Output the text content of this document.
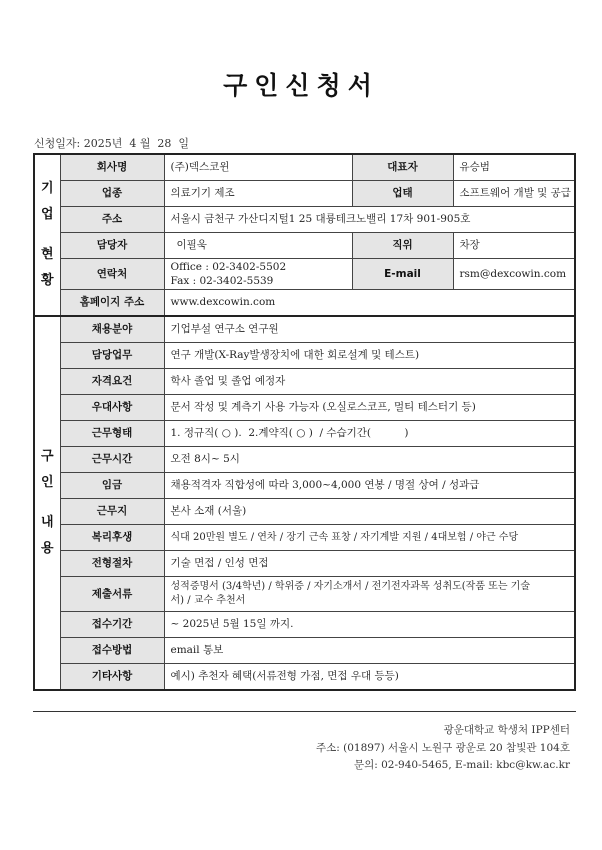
구인신청서
신청일자: 2025년  4 월  28  일
기
업
현
황	회사명	(주)덱스코윈	대표자	유승범
	업종	의료기기 제조	업태	소프트웨어 개발 및 공급
	주소	서울시 금천구 가산디지털1 25 대륭테크노밸리 17차 901-905호		
	담당자	이필욱	직위	차장
	연락처	Office : 02-3402-5502
Fax : 02-3402-5539	E-mail	rsm@dexcowin.com
	홈페이지 주소	www.dexcowin.com		

구
인
내
용	채용분야	기업부설 연구소 연구원		
	담당업무	연구 개발(X-Ray발생장치에 대한 회로설계 및 테스트)		
	자격요건	학사 졸업 및 졸업 예정자		
	우대사항	문서 작성 및 계측기 사용 가능자 (오실로스코프, 멀티 테스터기 등)		
	근무형태	1. 정규직( ○ ).  2.계약직( ○ )  / 수습기간(          )		
	근무시간	오전 8시~ 5시		
	임금	채용적격자 직합성에 따라 3,000~4,000 연봉 / 명절 상여 / 성과급		
	근무지	본사 소재 (서울)		
	복리후생	식대 20만원 별도 / 연차 / 장기 근속 표창 / 자기계발 지원 / 4대보험 / 야근 수당		
	전형절차	기술 면접 / 인성 면접		
	제출서류	성적증명서 (3/4학년) / 학위증 / 자기소개서 / 전기전자과목 성취도(작품 또는 기술
서) / 교수 추천서		

	접수기간	~ 2025년 5월 15일 까지.		
	접수방법	email 통보		
	기타사항	예시) 추천자 혜택(서류전형 가점, 면접 우대 등등)		
광운대학교 학생처 IPP센터
주소: (01897) 서울시 노원구 광운로 20 참빛관 104호
문의: 02-940-5465, E-mail: kbc@kw.ac.kr
